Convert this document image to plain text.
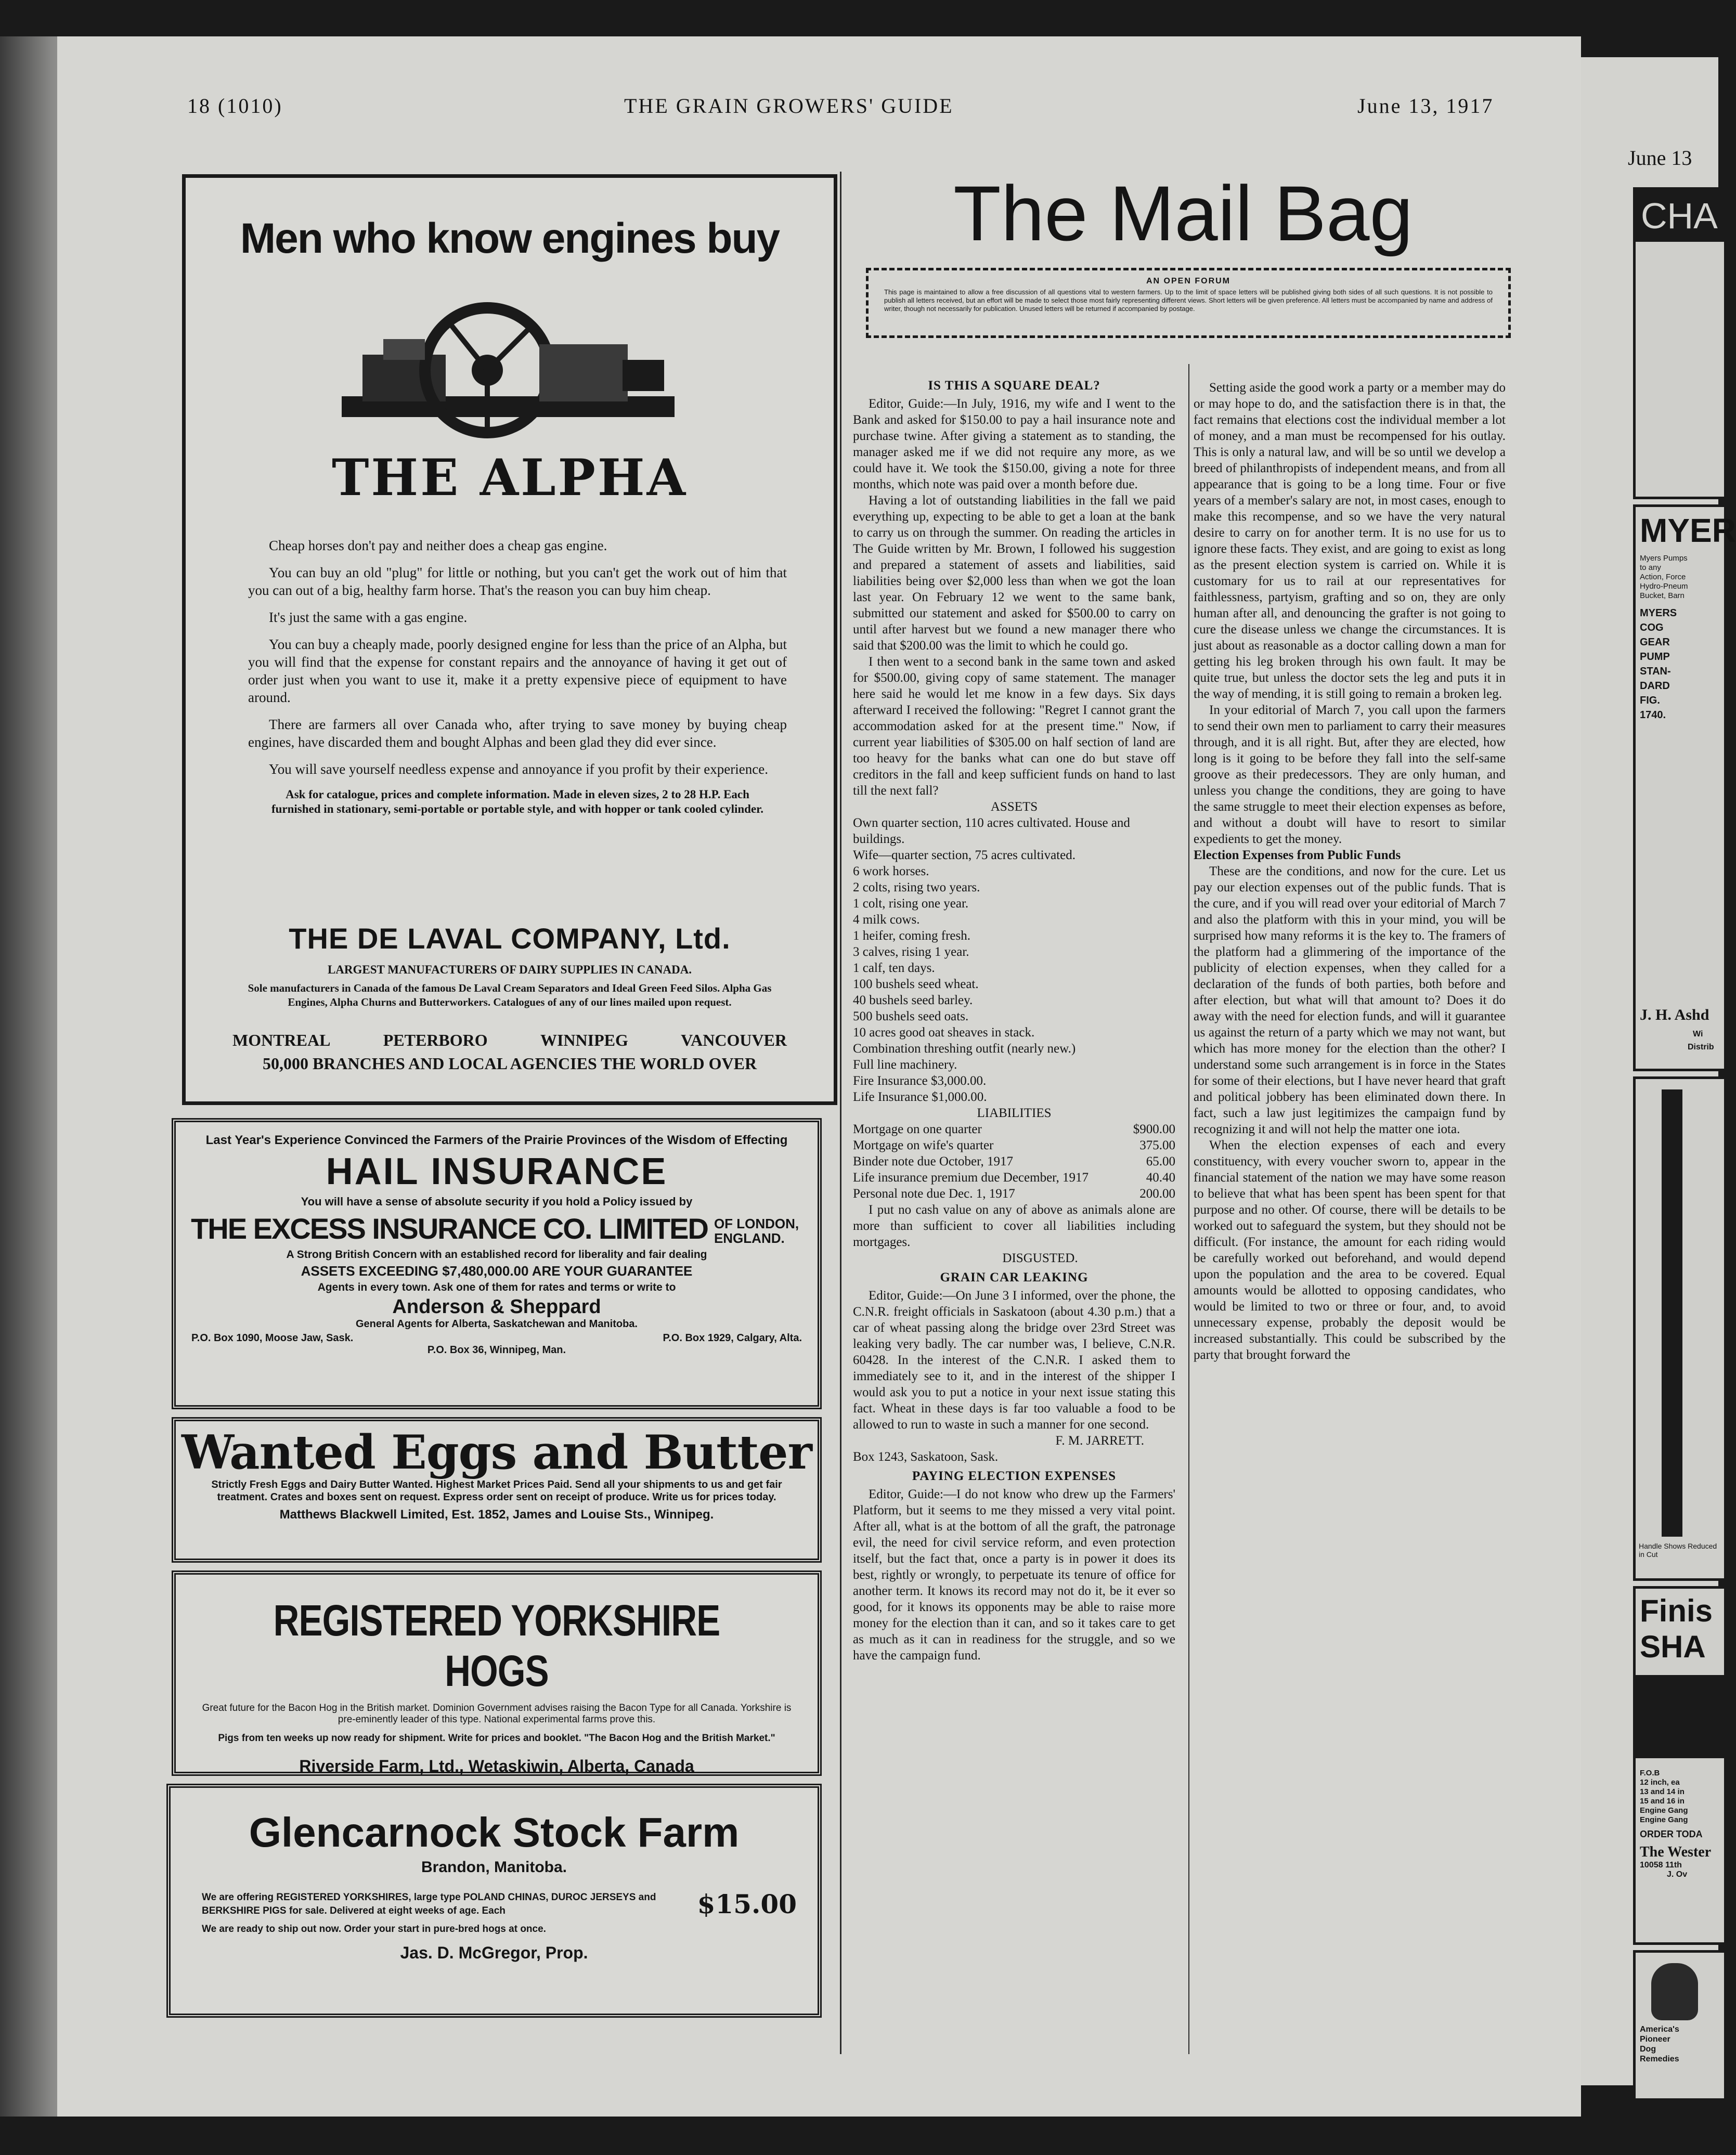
18 (1010)	THE GRAIN GROWERS' GUIDE	June 13, 1917
Men who know engines buy
THE ALPHA

Cheap horses don't pay and neither does a cheap gas engine.

You can buy an old "plug" for little or nothing, but you can't get the work out of him that you can out of a big, healthy farm horse. That's the reason you can buy him cheap.

It's just the same with a gas engine.

You can buy a cheaply made, poorly designed engine for less than the price of an Alpha, but you will find that the expense for constant repairs and the annoyance of having it get out of order just when you want to use it, make it a pretty expensive piece of equipment to have around.

There are farmers all over Canada who, after trying to save money by buying cheap engines, have discarded them and bought Alphas and been glad they did ever since.

You will save yourself needless expense and annoyance if you profit by their experience.

Ask for catalogue, prices and complete information. Made in eleven sizes, 2 to 28 H.P. Each furnished in stationary, semi-portable or portable style, and with hopper or tank cooled cylinder.

THE DE LAVAL COMPANY, Ltd.
LARGEST MANUFACTURERS OF DAIRY SUPPLIES IN CANADA.
Sole manufacturers in Canada of the famous De Laval Cream Separators and Ideal Green Feed Silos. Alpha Gas Engines, Alpha Churns and Butterworkers. Catalogues of any of our lines mailed upon request.
MONTREAL	PETERBORO	WINNIPEG	VANCOUVER
50,000 BRANCHES AND LOCAL AGENCIES THE WORLD OVER
Last Year's Experience Convinced the Farmers of the Prairie Provinces of the Wisdom of Effecting
HAIL INSURANCE
You will have a sense of absolute security if you hold a Policy issued by
THE EXCESS INSURANCE CO. LIMITED OF LONDON, ENGLAND.
A Strong British Concern with an established record for liberality and fair dealing
ASSETS EXCEEDING $7,480,000.00 ARE YOUR GUARANTEE
Agents in every town. Ask one of them for rates and terms or write to
Anderson & Sheppard
General Agents for Alberta, Saskatchewan and Manitoba.
P.O. Box 1090, Moose Jaw, Sask.	P.O. Box 1929, Calgary, Alta.
P.O. Box 36, Winnipeg, Man.
Wanted Eggs and Butter
Strictly Fresh Eggs and Dairy Butter Wanted. Highest Market Prices Paid. Send all your shipments to us and get fair treatment. Crates and boxes sent on request. Express order sent on receipt of produce. Write us for prices today.
Matthews Blackwell Limited, Est. 1852, James and Louise Sts., Winnipeg.
REGISTERED YORKSHIRE HOGS
Great future for the Bacon Hog in the British market. Dominion Government advises raising the Bacon Type for all Canada. Yorkshire is pre-eminently leader of this type. National experimental farms prove this.
Pigs from ten weeks up now ready for shipment. Write for prices and booklet. "The Bacon Hog and the British Market."
Riverside Farm, Ltd., Wetaskiwin, Alberta, Canada
Glencarnock Stock Farm
Brandon, Manitoba.
We are offering REGISTERED YORKSHIRES, large type POLAND CHINAS, DUROC JERSEYS and BERKSHIRE PIGS for sale. Delivered at eight weeks of age. Each	$15.00
We are ready to ship out now. Order your start in pure-bred hogs at once.
Jas. D. McGregor, Prop.
The Mail Bag
AN OPEN FORUM
This page is maintained to allow a free discussion of all questions vital to western farmers. Up to the limit of space letters will be published giving both sides of all such questions. It is not possible to publish all letters received, but an effort will be made to select those most fairly representing different views. Short letters will be given preference. All letters must be accompanied by name and address of writer, though not necessarily for publication. Unused letters will be returned if accompanied by postage.
IS THIS A SQUARE DEAL?

Editor, Guide:—In July, 1916, my wife and I went to the Bank and asked for $150.00 to pay a hail insurance note and purchase twine. After giving a statement as to standing, the manager asked me if we did not require any more, as we could have it. We took the $150.00, giving a note for three months, which note was paid over a month before due.

Having a lot of outstanding liabilities in the fall we paid everything up, expecting to be able to get a loan at the bank to carry us on through the summer. On reading the articles in The Guide written by Mr. Brown, I followed his suggestion and prepared a statement of assets and liabilities, said liabilities being over $2,000 less than when we got the loan last year. On February 12 we went to the same bank, submitted our statement and asked for $500.00 to carry on until after harvest but we found a new manager there who said that $200.00 was the limit to which he could go.

I then went to a second bank in the same town and asked for $500.00, giving copy of same statement. The manager here said he would let me know in a few days. Six days afterward I received the following: "Regret I cannot grant the accommodation asked for at the present time." Now, if current year liabilities of $305.00 on half section of land are too heavy for the banks what can one do but stave off creditors in the fall and keep sufficient funds on hand to last till the next fall?

ASSETS
Own quarter section, 110 acres cultivated. House and buildings.
Wife—quarter section, 75 acres cultivated.
6 work horses.
2 colts, rising two years.
1 colt, rising one year.
4 milk cows.
1 heifer, coming fresh.
3 calves, rising 1 year.
1 calf, ten days.
100 bushels seed wheat.
40 bushels seed barley.
500 bushels seed oats.
10 acres good oat sheaves in stack.
Combination threshing outfit (nearly new.)
Full line machinery.
Fire Insurance $3,000.00.
Life Insurance $1,000.00.
LIABILITIES
Mortgage on one quarter	$900.00
Mortgage on wife's quarter	375.00
Binder note due October, 1917	65.00
Life insurance premium due December, 1917	40.40
Personal note due Dec. 1, 1917	200.00

I put no cash value on any of above as animals alone are more than sufficient to cover all liabilities including mortgages.

DISGUSTED.
GRAIN CAR LEAKING

Editor, Guide:—On June 3 I informed, over the phone, the C.N.R. freight officials in Saskatoon (about 4.30 p.m.) that a car of wheat passing along the bridge over 23rd Street was leaking very badly. The car number was, I believe, C.N.R. 60428. In the interest of the C.N.R. I asked them to immediately see to it, and in the interest of the shipper I would ask you to put a notice in your next issue stating this fact. Wheat in these days is far too valuable a food to be allowed to run to waste in such a manner for one second.

F. M. JARRETT.
Box 1243, Saskatoon, Sask.
PAYING ELECTION EXPENSES

Editor, Guide:—I do not know who drew up the Farmers' Platform, but it seems to me they missed a very vital point. After all, what is at the bottom of all the graft, the patronage evil, the need for civil service reform, and even protection itself, but the fact that, once a party is in power it does its best, rightly or wrongly, to perpetuate its tenure of office for another term. It knows its record may not do it, be it ever so good, for it knows its opponents may be able to raise more money for the election than it can, and so it takes care to get as much as it can in readiness for the struggle, and so we have the campaign fund.

Setting aside the good work a party or a member may do or may hope to do, and the satisfaction there is in that, the fact remains that elections cost the individual member a lot of money, and a man must be recompensed for his outlay. This is only a natural law, and will be so until we develop a breed of philanthropists of independent means, and from all appearance that is going to be a long time. Four or five years of a member's salary are not, in most cases, enough to make this recompense, and so we have the very natural desire to carry on for another term. It is no use for us to ignore these facts. They exist, and are going to exist as long as the present election system is carried on. While it is customary for us to rail at our representatives for faithlessness, partyism, grafting and so on, they are only human after all, and denouncing the grafter is not going to cure the disease unless we change the circumstances. It is just about as reasonable as a doctor calling down a man for getting his leg broken through his own fault. It may be quite true, but unless the doctor sets the leg and puts it in the way of mending, it is still going to remain a broken leg.

In your editorial of March 7, you call upon the farmers to send their own men to parliament to carry their measures through, and it is all right. But, after they are elected, how long is it going to be before they fall into the self-same groove as their predecessors. They are only human, and unless you change the conditions, they are going to have the same struggle to meet their election expenses as before, and without a doubt will have to resort to similar expedients to get the money.

Election Expenses from Public Funds

These are the conditions, and now for the cure. Let us pay our election expenses out of the public funds. That is the cure, and if you will read over your editorial of March 7 and also the platform with this in your mind, you will be surprised how many reforms it is the key to. The framers of the platform had a glimmering of the importance of the publicity of election expenses, when they called for a declaration of the funds of both parties, both before and after election, but what will that amount to? Does it do away with the need for election funds, and will it guarantee us against the return of a party which we may not want, but which has more money for the election than the other? I understand some such arrangement is in force in the States for some of their elections, but I have never heard that graft and political jobbery has been eliminated down there. In fact, such a law just legitimizes the campaign fund by recognizing it and will not help the matter one iota.

When the election expenses of each and every constituency, with every voucher sworn to, appear in the financial statement of the nation we may have some reason to believe that what has been spent has been spent for that purpose and no other. Of course, there will be details to be worked out to safeguard the system, but they should not be difficult. (For instance, the amount for each riding would be carefully worked out beforehand, and would depend upon the population and the area to be covered. Equal amounts would be allotted to opposing candidates, who would be limited to two or three or four, and, to avoid unnecessary expense, probably the deposit would be increased substantially. This could be subscribed by the party that brought forward the

June 13
CHA
MYER
Myers Pumps
to any
Action, Force
Hydro-Pneum
Bucket, Barn
MYERS
COG
GEAR
PUMP
STAN-
DARD
FIG.
1740.
J. H. Ashd
Wi
Distrib
Handle Shows Reduced in Cut
Finis
SHA
F.O.B
12 inch, ea
13 and 14 in
15 and 16 in
Engine Gang
Engine Gang
ORDER TODA
The Wester
10058 11th
J. Ov
America's Pioneer Dog Remedies
